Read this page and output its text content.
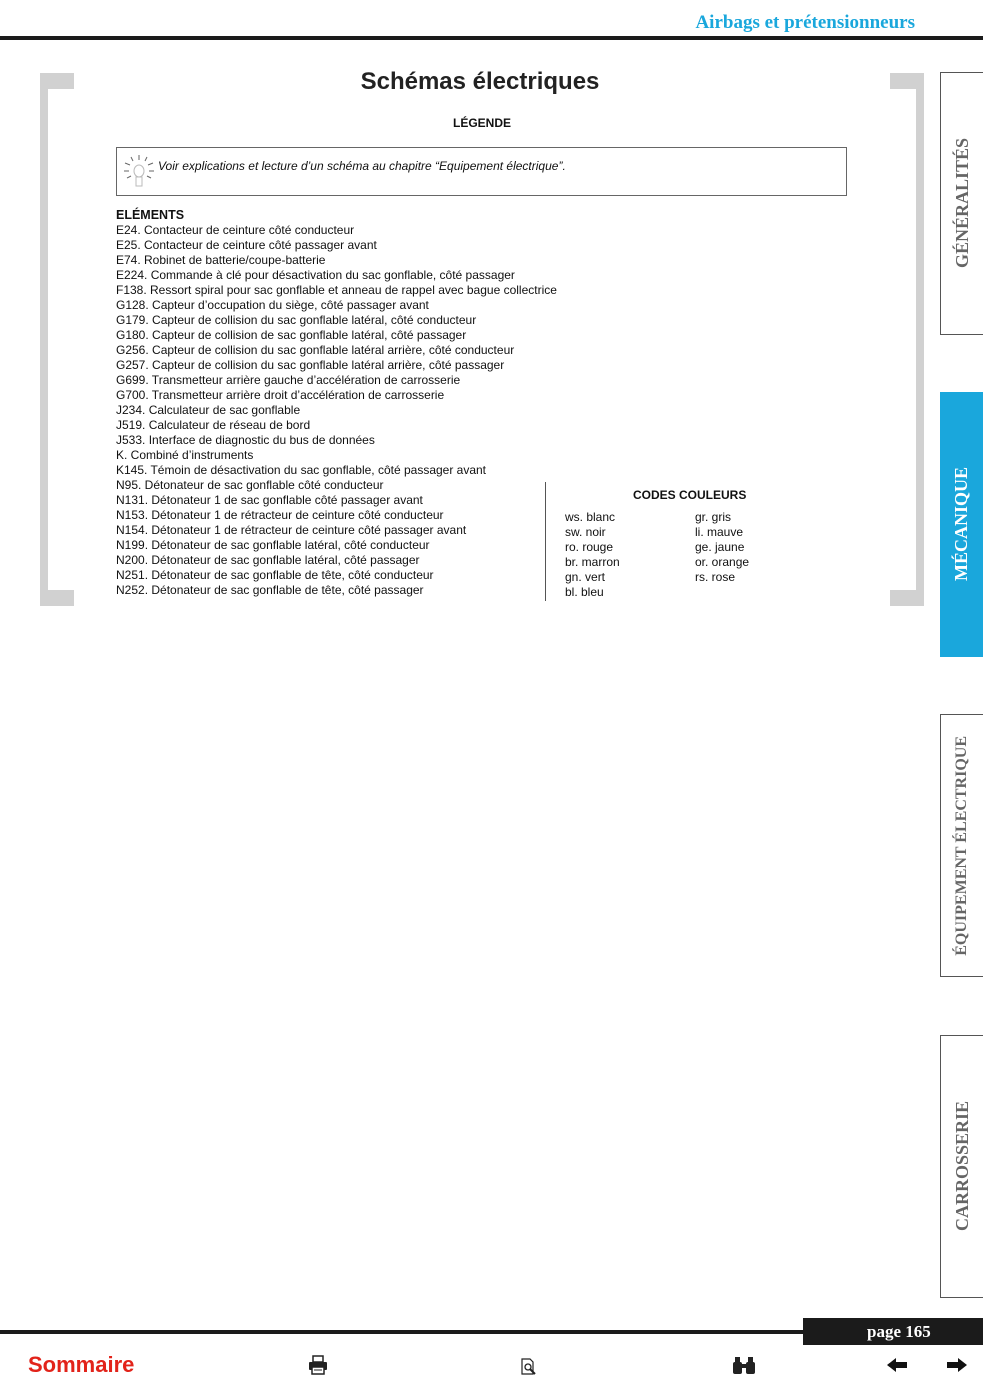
Airbags et prétensionneurs
Schémas électriques
LÉGENDE
Voir explications et lecture d’un schéma au chapitre “Equipement électrique”.
ELÉMENTS
E24. Contacteur de ceinture côté conducteur
E25. Contacteur de ceinture côté passager avant
E74. Robinet de batterie/coupe-batterie
E224. Commande à clé pour désactivation du sac gonflable, côté passager
F138. Ressort spiral pour sac gonflable et anneau de rappel avec bague collectrice
G128. Capteur d’occupation du siège, côté passager avant
G179. Capteur de collision du sac gonflable latéral, côté conducteur
G180. Capteur de collision de sac gonflable latéral, côté passager
G256. Capteur de collision du sac gonflable latéral arrière, côté conducteur
G257. Capteur de collision du sac gonflable latéral arrière, côté passager
G699. Transmetteur arrière gauche d’accélération de carrosserie
G700. Transmetteur arrière droit d’accélération de carrosserie
J234. Calculateur de sac gonflable
J519. Calculateur de réseau de bord
J533. Interface de diagnostic du bus de données
K. Combiné d’instruments
K145. Témoin de désactivation du sac gonflable, côté passager avant
N95. Détonateur de sac gonflable côté conducteur
N131. Détonateur 1 de sac gonflable côté passager avant
N153. Détonateur 1 de rétracteur de ceinture côté conducteur
N154. Détonateur 1 de rétracteur de ceinture côté passager avant
N199. Détonateur de sac gonflable latéral, côté conducteur
N200. Détonateur de sac gonflable latéral, côté passager
N251. Détonateur de sac gonflable de tête, côté conducteur
N252. Détonateur de sac gonflable de tête, côté passager
CODES COULEURS
ws. blanc
sw. noir
ro. rouge
br. marron
gn. vert
bl. bleu
gr. gris
li. mauve
ge. jaune
or. orange
rs. rose
GÉNÉRALITÉS
MÉCANIQUE
ÉQUIPEMENT ÉLECTRIQUE
CARROSSERIE
page 165
Sommaire
